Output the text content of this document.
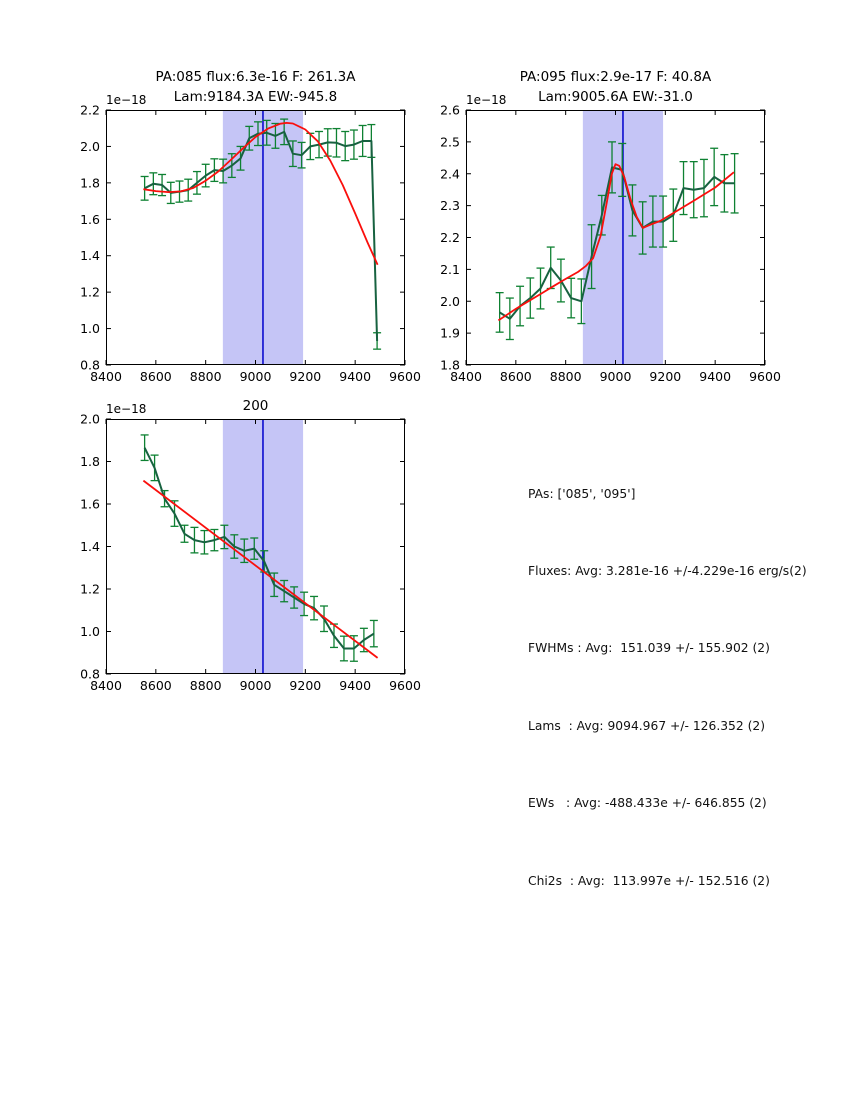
8400 8600 8800 9000 9200 9400 9600
0.8
1.0
1.2
1.4
1.6
1.8
2.0
2.2
PA:085 flux:6.3e-16 F: 261.3A
Lam:9184.3A EW:-945.8
1e−18
8400 8600 8800 9000 9200 9400 9600
1.8
1.9
2.0
2.1
2.2
2.3
2.4
2.5
2.6
PA:095 flux:2.9e-17 F: 40.8A
Lam:9005.6A EW:-31.0
1e−18
8400 8600 8800 9000 9200 9400 9600
0.8
1.0
1.2
1.4
1.6
1.8
2.0
200
1e−18

PAs: ['085', '095']

Fluxes: Avg: 3.281e-16 +/-4.229e-16 erg/s(2)

FWHMs : Avg:  151.039 +/- 155.902 (2)

Lams  : Avg: 9094.967 +/- 126.352 (2)

EWs   : Avg: -488.433e +/- 646.855 (2)

Chi2s  : Avg:  113.997e +/- 152.516 (2)
